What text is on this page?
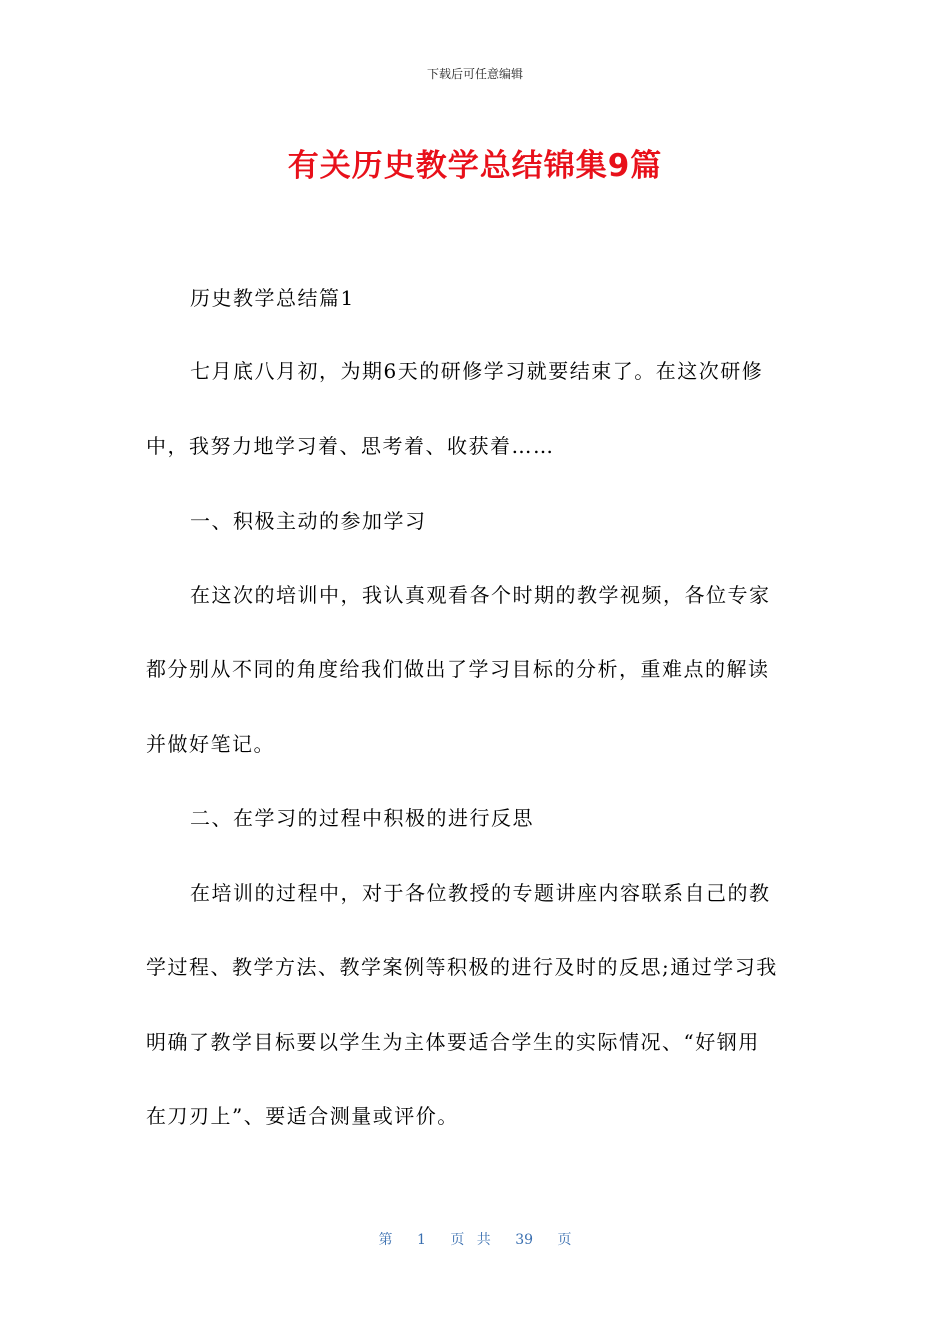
下载后可任意编辑
有关历史教学总结锦集9篇

历史教学总结篇1

七月底八月初，为期6天的研修学习就要结束了。在这次研修

中，我努力地学习着、思考着、收获着……

一、积极主动的参加学习

在这次的培训中，我认真观看各个时期的教学视频，各位专家

都分别从不同的角度给我们做出了学习目标的分析，重难点的解读

并做好笔记。

二、在学习的过程中积极的进行反思

在培训的过程中，对于各位教授的专题讲座内容联系自己的教

学过程、教学方法、教学案例等积极的进行及时的反思;通过学习我

明确了教学目标要以学生为主体要适合学生的实际情况、“好钢用

在刀刃上”、要适合测量或评价。

第 1 页 共 39 页
